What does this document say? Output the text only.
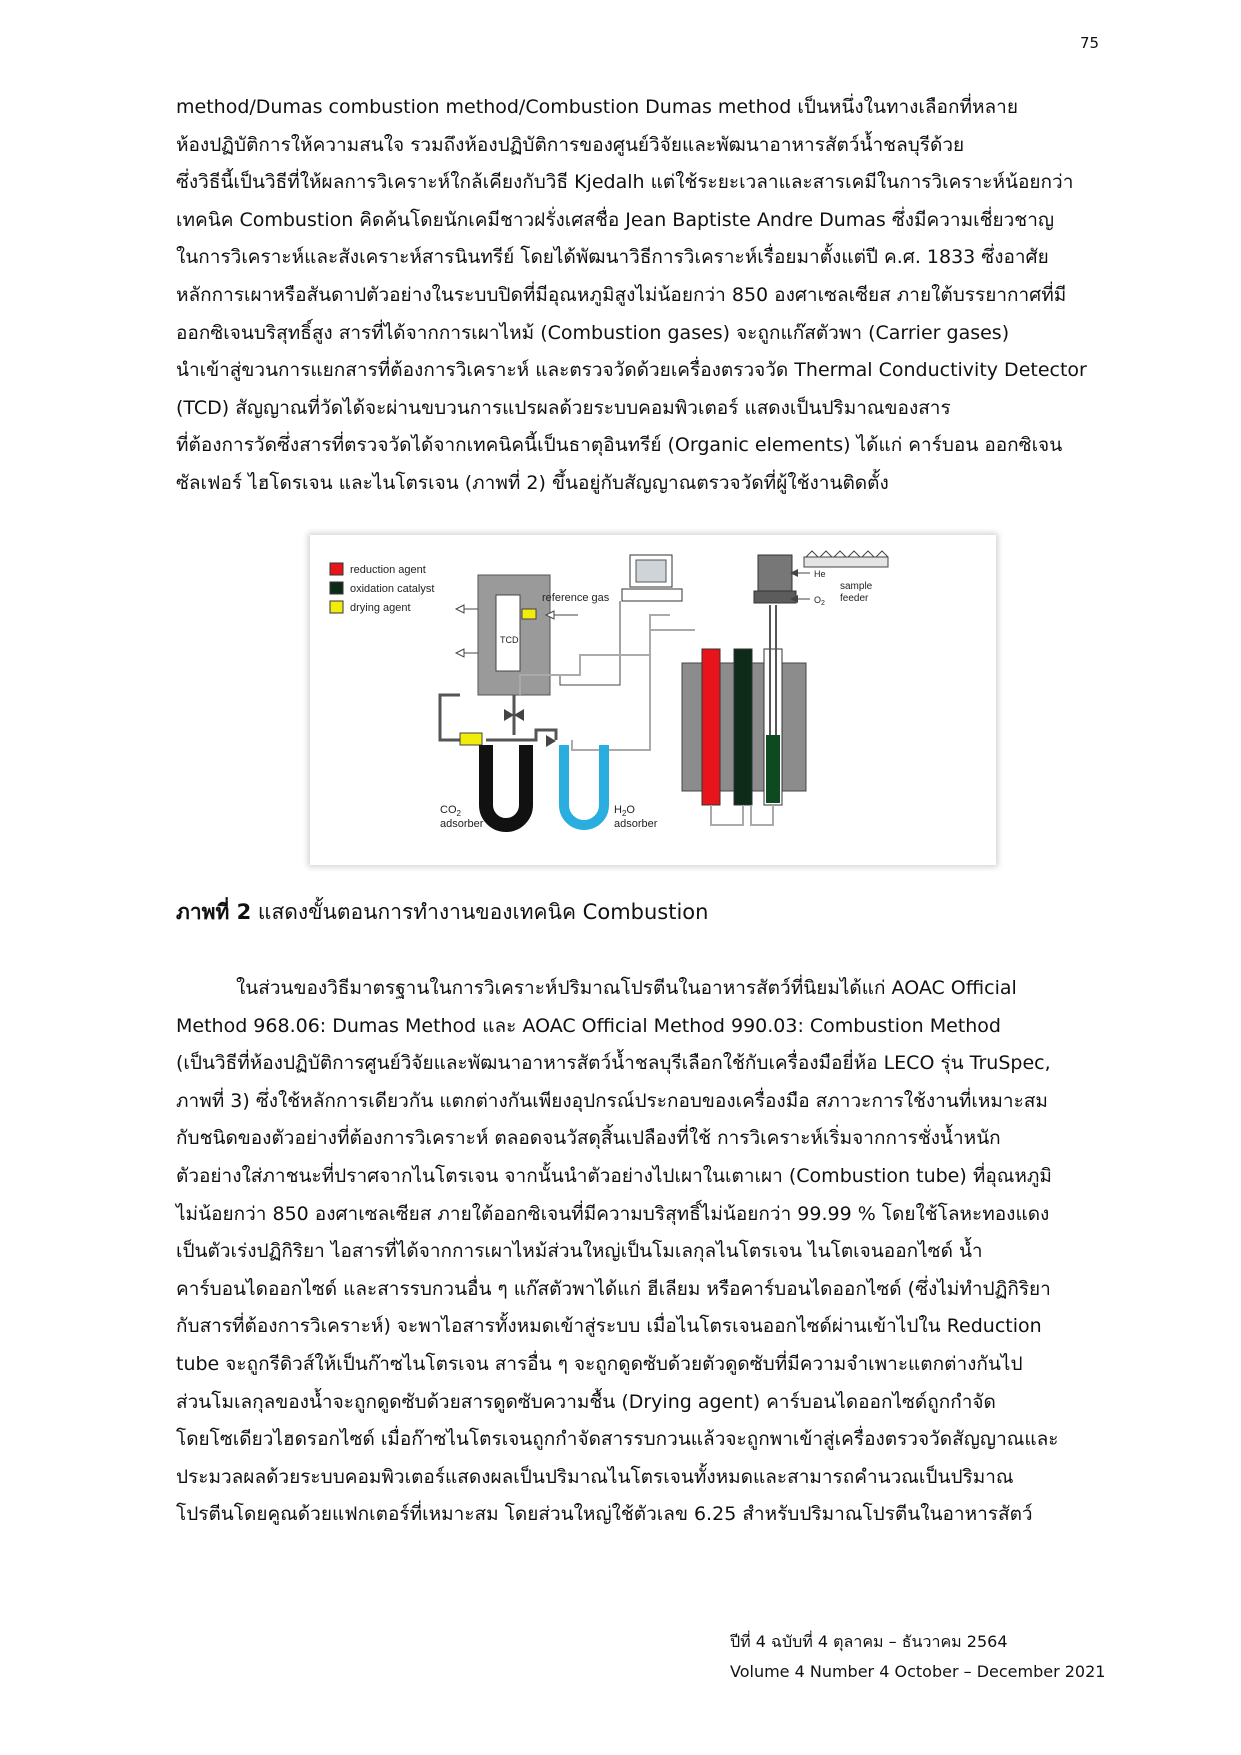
75
method/Dumas combustion method/Combustion Dumas method เป็นหนึ่งในทางเลือกที่หลาย
ห้องปฏิบัติการให้ความสนใจ รวมถึงห้องปฏิบัติการของศูนย์วิจัยและพัฒนาอาหารสัตว์น้ำชลบุรีด้วย
ซึ่งวิธีนี้เป็นวิธีที่ให้ผลการวิเคราะห์ใกล้เคียงกับวิธี Kjedalh แต่ใช้ระยะเวลาและสารเคมีในการวิเคราะห์น้อยกว่า
เทคนิค Combustion คิดค้นโดยนักเคมีชาวฝรั่งเศสชื่อ Jean Baptiste Andre Dumas ซึ่งมีความเชี่ยวชาญ
ในการวิเคราะห์และสังเคราะห์สารนินทรีย์ โดยได้พัฒนาวิธีการวิเคราะห์เรื่อยมาตั้งแต่ปี ค.ศ. 1833 ซึ่งอาศัย
หลักการเผาหรือสันดาปตัวอย่างในระบบปิดที่มีอุณหภูมิสูงไม่น้อยกว่า 850 องศาเซลเซียส ภายใต้บรรยากาศที่มี
ออกซิเจนบริสุทธิ์สูง สารที่ได้จากการเผาไหม้ (Combustion gases) จะถูกแก๊สตัวพา (Carrier gases)
นำเข้าสู่ขวนการแยกสารที่ต้องการวิเคราะห์ และตรวจวัดด้วยเครื่องตรวจวัด Thermal Conductivity Detector
(TCD) สัญญาณที่วัดได้จะผ่านขบวนการแปรผลด้วยระบบคอมพิวเตอร์ แสดงเป็นปริมาณของสาร
ที่ต้องการวัดซึ่งสารที่ตรวจวัดได้จากเทคนิคนี้เป็นธาตุอินทรีย์ (Organic elements) ได้แก่ คาร์บอน ออกซิเจน
ซัลเฟอร์ ไฮโดรเจน และไนโตรเจน (ภาพที่ 2) ขึ้นอยู่กับสัญญาณตรวจวัดที่ผู้ใช้งานติดตั้ง
reduction agent
oxidation catalyst
drying agent
TCD
reference gas
$CO_2$
adsorber
$H_2O$
adsorber
sample
feeder
He
$O_2$
ภาพที่ 2 แสดงขั้นตอนการทำงานของเทคนิค Combustion
ในส่วนของวิธีมาตรฐานในการวิเคราะห์ปริมาณโปรตีนในอาหารสัตว์ที่นิยมได้แก่ AOAC Official
Method 968.06: Dumas Method และ AOAC Official Method 990.03: Combustion Method
(เป็นวิธีที่ห้องปฏิบัติการศูนย์วิจัยและพัฒนาอาหารสัตว์น้ำชลบุรีเลือกใช้กับเครื่องมือยี่ห้อ LECO รุ่น TruSpec,
ภาพที่ 3) ซึ่งใช้หลักการเดียวกัน แตกต่างกันเพียงอุปกรณ์ประกอบของเครื่องมือ สภาวะการใช้งานที่เหมาะสม
กับชนิดของตัวอย่างที่ต้องการวิเคราะห์ ตลอดจนวัสดุสิ้นเปลืองที่ใช้ การวิเคราะห์เริ่มจากการชั่งน้ำหนัก
ตัวอย่างใส่ภาชนะที่ปราศจากไนโตรเจน จากนั้นนำตัวอย่างไปเผาในเตาเผา (Combustion tube) ที่อุณหภูมิ
ไม่น้อยกว่า 850 องศาเซลเซียส ภายใต้ออกซิเจนที่มีความบริสุทธิ์ไม่น้อยกว่า 99.99 % โดยใช้โลหะทองแดง
เป็นตัวเร่งปฏิกิริยา ไอสารที่ได้จากการเผาไหม้ส่วนใหญ่เป็นโมเลกุลไนโตรเจน ไนโตเจนออกไซด์ น้ำ
คาร์บอนไดออกไซด์ และสารรบกวนอื่น ๆ แก๊สตัวพาได้แก่ ฮีเลียม หรือคาร์บอนไดออกไซด์ (ซึ่งไม่ทำปฏิกิริยา
กับสารที่ต้องการวิเคราะห์) จะพาไอสารทั้งหมดเข้าสู่ระบบ เมื่อไนโตรเจนออกไซด์ผ่านเข้าไปใน Reduction
tube จะถูกรีดิวส์ให้เป็นก๊าซไนโตรเจน สารอื่น ๆ จะถูกดูดซับด้วยตัวดูดซับที่มีความจำเพาะแตกต่างกันไป
ส่วนโมเลกุลของน้ำจะถูกดูดซับด้วยสารดูดซับความชื้น (Drying agent) คาร์บอนไดออกไซด์ถูกกำจัด
โดยโซเดียวไฮดรอกไซด์ เมื่อก๊าซไนโตรเจนถูกกำจัดสารรบกวนแล้วจะถูกพาเข้าสู่เครื่องตรวจวัดสัญญาณและ
ประมวลผลด้วยระบบคอมพิวเตอร์แสดงผลเป็นปริมาณไนโตรเจนทั้งหมดและสามารถคำนวณเป็นปริมาณ
โปรตีนโดยคูณด้วยแฟกเตอร์ที่เหมาะสม โดยส่วนใหญ่ใช้ตัวเลข 6.25 สำหรับปริมาณโปรตีนในอาหารสัตว์
ปีที่ 4 ฉบับที่ 4 ตุลาคม – ธันวาคม 2564
Volume 4 Number 4 October – December 2021
